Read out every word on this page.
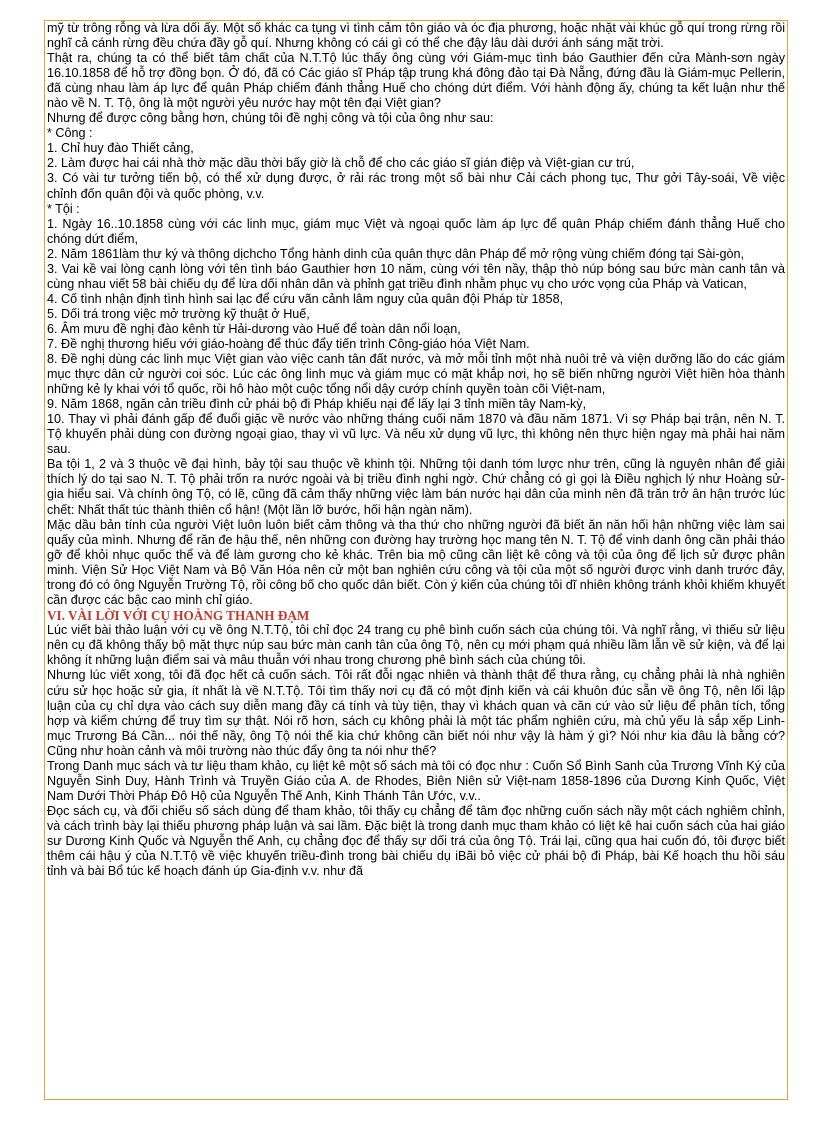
mỹ từ trông rỗng và lừa dối ấy. Một số khác ca tụng vì tình cảm tôn giáo và óc địa phương, hoặc nhặt vài khúc gỗ quí trong rừng rồi nghĩ cả cánh rừng đều chứa đầy gỗ quí. Nhưng không có cái gì có thể che đậy lâu dài dưới ánh sáng mặt trời.

Thật ra, chúng ta có thể biết tâm chất của N.T.Tộ lúc thấy ông cùng với Giám-mục tình báo Gauthier đến cửa Mành-sơn ngày 16.10.1858 để hỗ trợ đồng bọn. Ở đó, đã có Các giáo sĩ Pháp tập trung khá đông đảo tại Đà Nẵng, đứng đầu là Giám-mục Pellerin, đã cùng nhau làm áp lực để quân Pháp chiếm đánh thẳng Huế cho chóng dứt điểm. Với hành động ấy, chúng ta kết luận như thế nào về N. T. Tộ, ông là một người yêu nước hay một tên đại Việt gian?

Nhưng để được công bằng hơn, chúng tôi đề nghị công và tội của ông như sau:

* Công :

1. Chỉ huy đào Thiết cảng,

2. Làm được hai cái nhà thờ mặc dầu thời bấy giờ là chỗ để cho các giáo sĩ gián điệp và Việt-gian cư trú,

3. Có vài tư tưởng tiến bộ, có thể xử dụng được, ở rải rác trong một số bài như Cải cách phong tục, Thư gởi Tây-soái, Về việc chỉnh đốn quân đội và quốc phòng, v.v.

* Tội :

1. Ngày 16..10.1858 cùng với các linh mục, giám mục Việt và ngoại quốc làm áp lực để quân Pháp chiếm đánh thẳng Huế cho chóng dứt điểm,

2. Năm 1861làm thư ký và thông dịchcho Tổng hành dinh của quân thực dân Pháp để mở rộng vùng chiếm đóng tại Sài-gòn,

3. Vai kề vai lòng cạnh lòng với tên tình báo Gauthier hơn 10 năm, cùng với tên nầy, thập thò núp bóng sau bức màn canh tân và cùng nhau viết 58 bài chiếu dụ để lừa dối nhân dân và phỉnh gạt triều đình nhằm phục vụ cho ước vọng của Pháp và Vatican,

4. Cố tình nhận định tình hình sai lạc để cứu vãn cảnh lâm nguy của quân đội Pháp từ 1858,

5. Dối trá trong việc mở trường kỹ thuật ở Huế,

6. Âm mưu đề nghị đào kênh từ Hải-dương vào Huế để toàn dân nổi loạn,

7. Đề nghị thương hiếu với giáo-hoàng để thúc đẩy tiến trình Công-giáo hóa Việt Nam.

8. Đề nghị dùng các linh mục Việt gian vào việc canh tân đất nước, và mở mỗi tỉnh một nhà nuôi trẻ và viện dưỡng lão do các giám mục thực dân cử người coi sóc. Lúc các ông linh mục và giám mục có mặt khắp nơi, họ sẽ biến những người Việt hiền hòa thành những kẻ ly khai với tổ quốc, rồi hô hào một cuộc tổng nổi dậy cướp chính quyền toàn cõi Việt-nam,

9. Năm 1868, ngăn cản triều đình cử phái bộ đi Pháp khiếu nại để lấy lại 3 tỉnh miền tây Nam-kỳ,

10. Thay vì phải đánh gấp để đuổi giặc về nước vào những tháng cuối năm 1870 và đầu năm 1871. Vì sợ Pháp bại trận, nên N. T. Tộ khuyến phải dùng con đường ngoại giao, thay vì vũ lực. Và nếu xử dụng vũ lực, thì không nên thực hiện ngay mà phải hai năm sau.

Ba tội 1, 2 và 3 thuộc về đại hình, bảy tội sau thuộc về khinh tội. Những tội danh tóm lược như trên, cũng là nguyên nhân để giải thích lý do tại sao N. T. Tộ phải trốn ra nước ngoài và bị triều đình nghi ngờ. Chứ chẳng có gì gọi là Điều nghịch lý như Hoàng sử-gia hiểu sai. Và chính ông Tộ, có lẽ, cũng đã cảm thấy những việc làm bán nước hại dân của mình nên đã trăn trở ân hận trước lúc chết: Nhất thất túc thành thiên cổ hận! (Một lần lỡ bước, hối hận ngàn năm).

Mặc dầu bản tính của người Việt luôn luôn biết cảm thông và tha thứ cho những người đã biết ăn năn hối hận những việc làm sai quấy của mình. Nhưng để răn đe hậu thế, nên những con đường hay trường học mang tên N. T. Tộ để vinh danh ông cần phải tháo gỡ để khỏi nhục quốc thể và để làm gương cho kẻ khác. Trên bia mộ cũng cần liệt kê công và tội của ông để lịch sử được phân minh. Viện Sử Học Việt Nam và Bộ Văn Hóa nên cử một ban nghiên cứu công và tội của một số người được vinh danh trước đây, trong đó có ông Nguyễn Trường Tộ, rồi công bố cho quốc dân biết. Còn ý kiến của chúng tôi dĩ nhiên không tránh khỏi khiếm khuyết cần được các bậc cao minh chỉ giáo.

VI. VÀI LỜI VỚI CỤ HOÀNG THANH ĐẠM

Lúc viết bài thảo luận với cụ về ông N.T.Tộ, tôi chỉ đọc 24 trang cụ phê bình cuốn sách của chúng tôi. Và nghĩ rằng, vì thiếu sử liệu nên cụ đã không thấy bộ mặt thực núp sau bức màn canh tân của ông Tộ, nên cụ mới phạm quá nhiều lầm lẫn về sử kiện, và để lại không ít những luận điểm sai và mâu thuẫn với nhau trong chương phê bình sách của chúng tôi.

Nhưng lúc viết xong, tôi đã đọc hết cả cuốn sách. Tôi rất đỗi ngạc nhiên và thành thật để thưa rằng, cụ chẳng phải là nhà nghiên cứu sử học hoặc sử gia, ít nhất là về N.T.Tộ. Tôi tìm thấy nơi cụ đã có một định kiến và cái khuôn đúc sẵn về ông Tộ, nên lối lập luận của cụ chỉ dựa vào cách suy diễn mang đầy cá tính và tùy tiện, thay vì khách quan và căn cứ vào sử liệu để phân tích, tổng hợp và kiểm chứng để truy tìm sự thật. Nói rõ hơn, sách cụ không phải là một tác phẩm nghiên cứu, mà chủ yếu là sắp xếp Linh-mục Trương Bá Cần... nói thế nầy, ông Tộ nói thế kia chứ không cần biết nói như vậy là hàm ý gì? Nói như kia đâu là bằng cớ? Cũng như hoàn cảnh và môi trường nào thúc đẩy ông ta nói như thế?

Trong Danh mục sách và tư liệu tham khảo, cụ liệt kê một số sách mà tôi có đọc như : Cuốn Sổ Bình Sanh của Trương Vĩnh Ký của Nguyễn Sinh Duy, Hành Trình và Truyền Giáo của A. de Rhodes, Biên Niên sử Việt-nam 1858-1896 của Dương Kinh Quốc, Việt Nam Dưới Thời Pháp Đô Hộ của Nguyễn Thế Anh, Kinh Thánh Tân Ước, v.v..

Đọc sách cụ, và đối chiếu số sách dùng để tham khảo, tôi thấy cụ chẳng để tâm đọc những cuốn sách nầy một cách nghiêm chỉnh, và cách trình bày lại thiếu phương pháp luận và sai lầm. Đặc biệt là trong danh mục tham khảo có liệt kê hai cuốn sách của hai giáo sư Dương Kinh Quốc và Nguyễn thế Anh, cụ chẳng đọc để thấy sự dối trá của ông Tộ. Trái lại, cũng qua hai cuốn đó, tôi được biết thêm cái hậu ý của N.T.Tộ về việc khuyến triều-đình trong bài chiếu dụ iBãi bỏ việc cử phái bộ đi Pháp, bài Kế hoạch thu hồi sáu tỉnh và bài Bổ túc kế hoạch đánh úp Gia-định v.v. như đã
